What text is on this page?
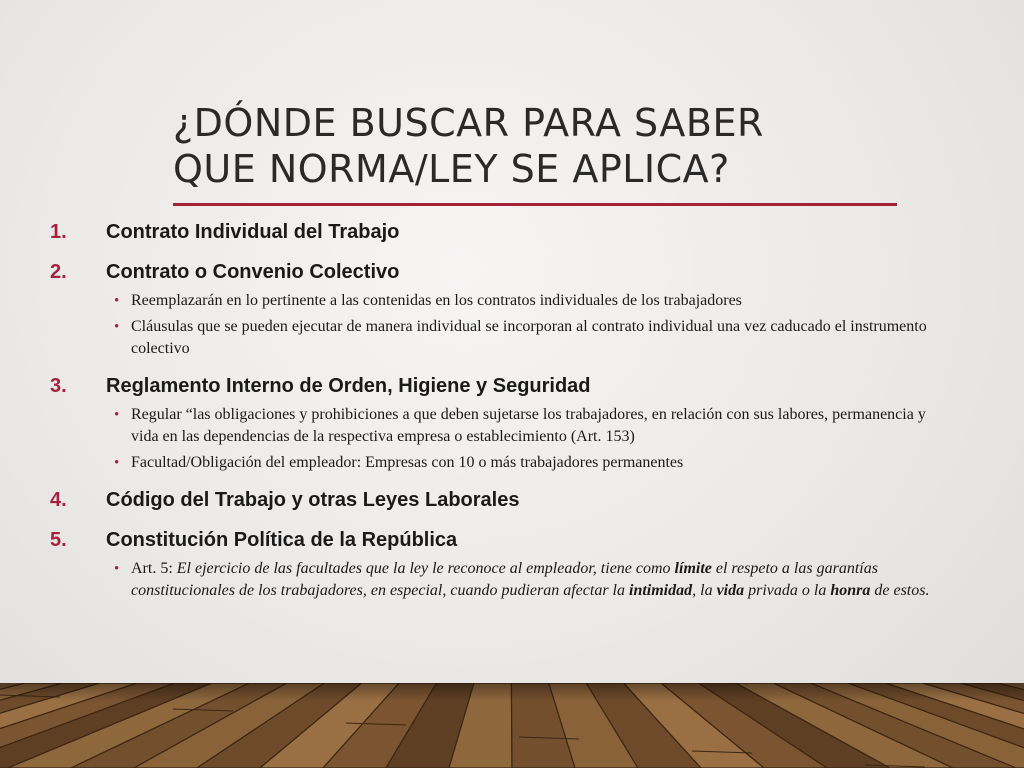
¿DÓNDE BUSCAR PARA SABER
QUE NORMA/LEY SE APLICA?
1. Contrato Individual del Trabajo
2. Contrato o Convenio Colectivo
• Reemplazarán en lo pertinente a las contenidas en los contratos individuales de los trabajadores
• Cláusulas que se pueden ejecutar de manera individual se incorporan al contrato individual una vez caducado el instrumento colectivo
3. Reglamento Interno de Orden, Higiene y Seguridad
• Regular “las obligaciones y prohibiciones a que deben sujetarse los trabajadores, en relación con sus labores, permanencia y vida en las dependencias de la respectiva empresa o establecimiento (Art. 153)
• Facultad/Obligación del empleador: Empresas con 10 o más trabajadores permanentes
4. Código del Trabajo y otras Leyes Laborales
5. Constitución Política de la República
• Art. 5: El ejercicio de las facultades que la ley le reconoce al empleador, tiene como límite el respeto a las garantías constitucionales de los trabajadores, en especial, cuando pudieran afectar la intimidad, la vida privada o la honra de estos.
